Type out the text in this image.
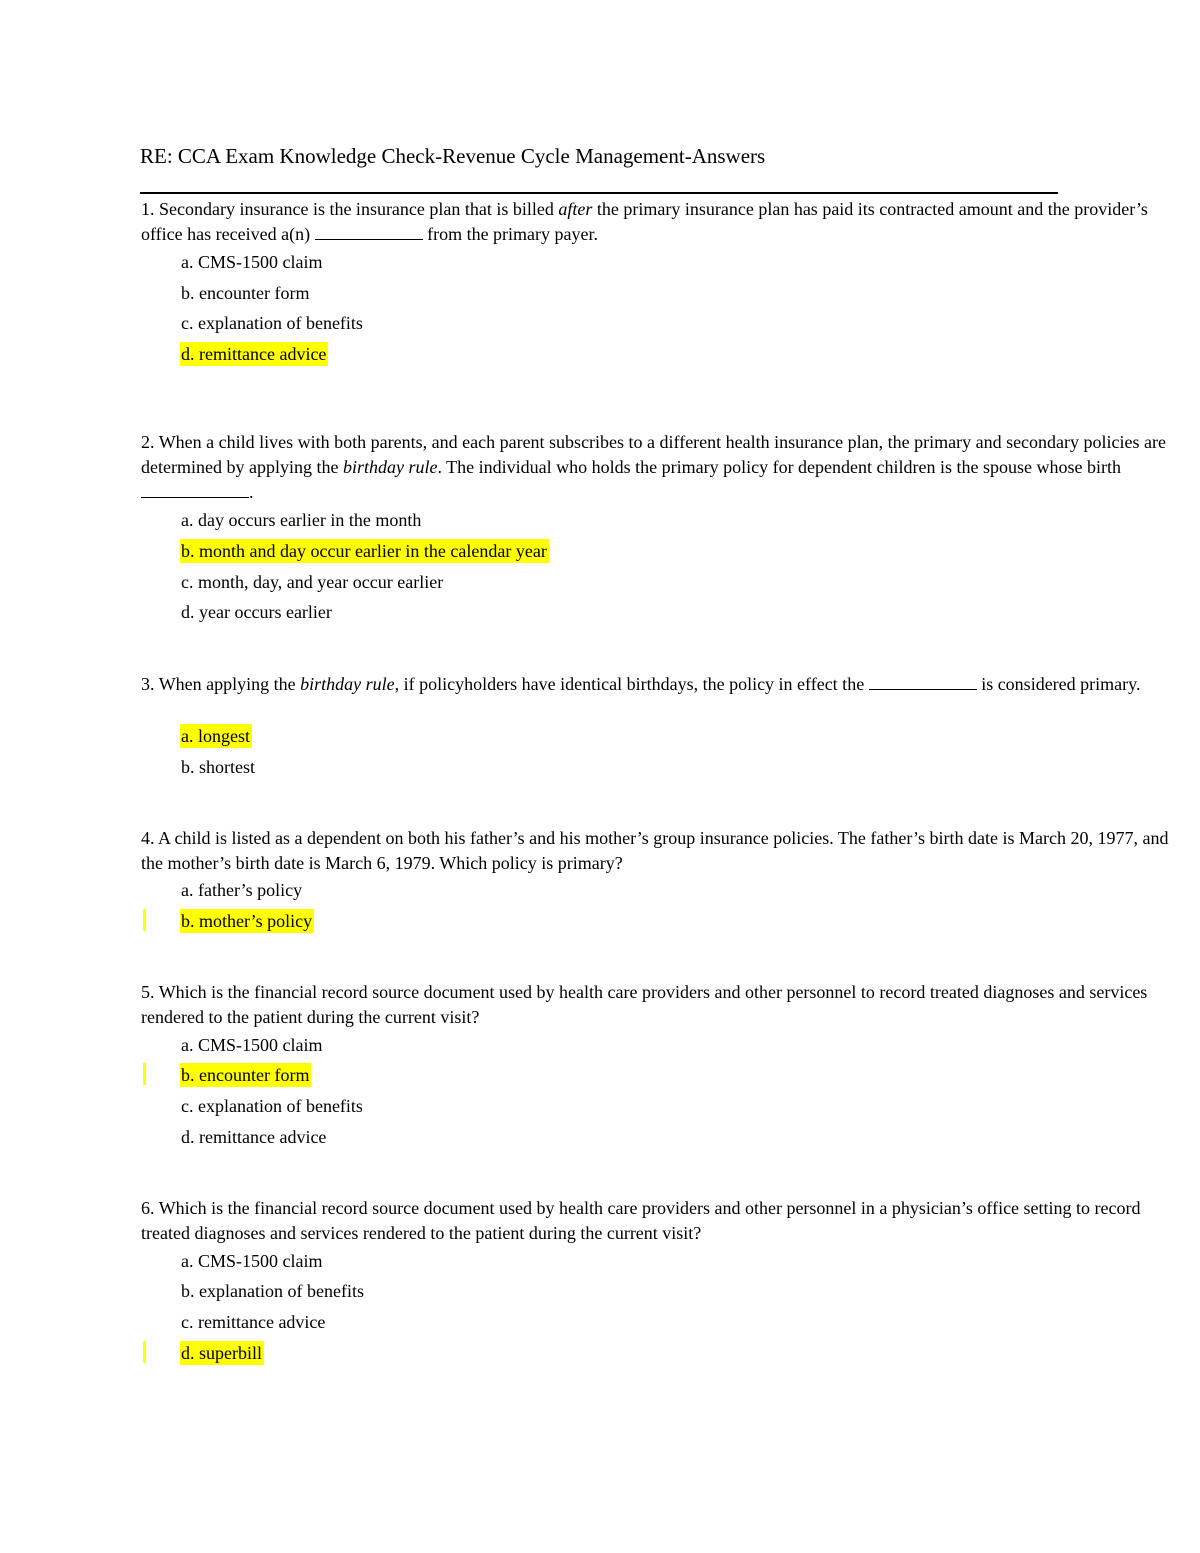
RE: CCA Exam Knowledge Check-Revenue Cycle Management-Answers

1. Secondary insurance is the insurance plan that is billed after the primary insurance plan has paid its contracted amount and the provider’s office has received a(n)	from the primary payer.

a. CMS-1500 claim
b. encounter form
c. explanation of benefits
d. remittance advice

2. When a child lives with both parents, and each parent subscribes to a different health insurance plan, the primary and secondary policies are determined by applying the birthday rule. The individual who holds the primary policy for dependent children is the spouse whose birth .

a. day occurs earlier in the month
b. month and day occur earlier in the calendar year
c. month, day, and year occur earlier
d. year occurs earlier

3. When applying the birthday rule, if policyholders have identical birthdays, the policy in effect the	is considered primary.

a. longest
b. shortest

4. A child is listed as a dependent on both his father’s and his mother’s group insurance policies. The father’s birth date is March 20, 1977, and the mother’s birth date is March 6, 1979. Which policy is primary?

a. father’s policy
b. mother’s policy

5. Which is the financial record source document used by health care providers and other personnel to record treated diagnoses and services rendered to the patient during the current visit?

a. CMS-1500 claim
b. encounter form
c. explanation of benefits
d. remittance advice

6. Which is the financial record source document used by health care providers and other personnel in a physician’s office setting to record treated diagnoses and services rendered to the patient during the current visit?

a. CMS-1500 claim
b. explanation of benefits
c. remittance advice
d. superbill
